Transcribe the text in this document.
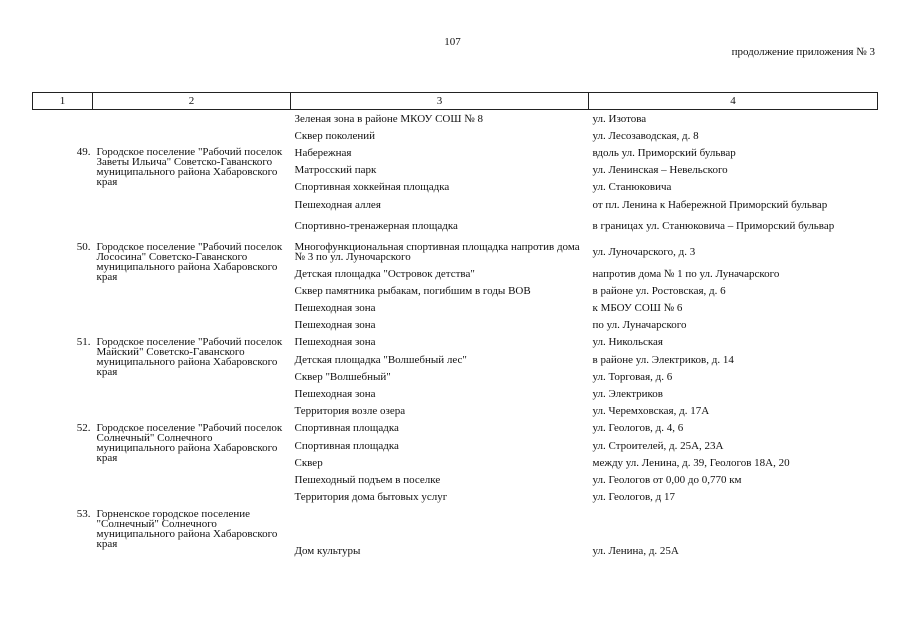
107
продолжение приложения № 3
1	2	3	4
		Зеленая зона в районе МКОУ СОШ № 8	ул. Изотова
		Сквер поколений	ул. Лесозаводская, д. 8
49.	Городское поселение "Рабочий поселок Заветы Ильича" Советско-Гаванского муниципального района Хабаровского края	Набережная	вдоль ул. Приморский бульвар
		Матросский парк	ул. Ленинская – Невельского
		Спортивная хоккейная площадка	ул. Станюковича
		Пешеходная аллея	от пл. Ленина к Набережной Приморский бульвар
		Спортивно-тренажерная площадка	в границах ул. Станюковича – Приморский бульвар
50.	Городское поселение "Рабочий поселок Лососина" Советско-Гаванского муниципального района Хабаровского края	Многофункциональная спортивная площадка напротив дома № 3 по ул. Луночарского	ул. Луночарского, д. 3
		Детская площадка "Островок детства"	напротив дома № 1 по ул. Луначарского
		Сквер памятника рыбакам, погибшим в годы ВОВ	в районе ул. Ростовская, д. 6
		Пешеходная зона	к МБОУ СОШ № 6
		Пешеходная зона	по ул. Луначарского
51.	Городское поселение "Рабочий поселок Майский" Советско-Гаванского муниципального района Хабаровского края	Пешеходная зона	ул. Никольская
		Детская площадка "Волшебный лес"	в районе ул. Электриков, д. 14
		Сквер "Волшебный"	ул. Торговая, д. 6
		Пешеходная зона	ул. Электриков
		Территория возле озера	ул. Черемховская, д. 17А
52.	Городское поселение "Рабочий поселок Солнечный" Солнечного муниципального района Хабаровского края	Спортивная площадка	ул. Геологов, д. 4, 6
		Спортивная площадка	ул. Строителей, д. 25А, 23А
		Сквер	между ул. Ленина, д. 39, Геологов 18А, 20
		Пешеходный подъем в поселке	ул. Геологов от 0,00 до 0,770 км
		Территория дома бытовых услуг	ул. Геологов, д 17
53.	Горненское городское поселение "Солнечный" Солнечного муниципального района Хабаровского края	Дом культуры	ул. Ленина, д. 25А
